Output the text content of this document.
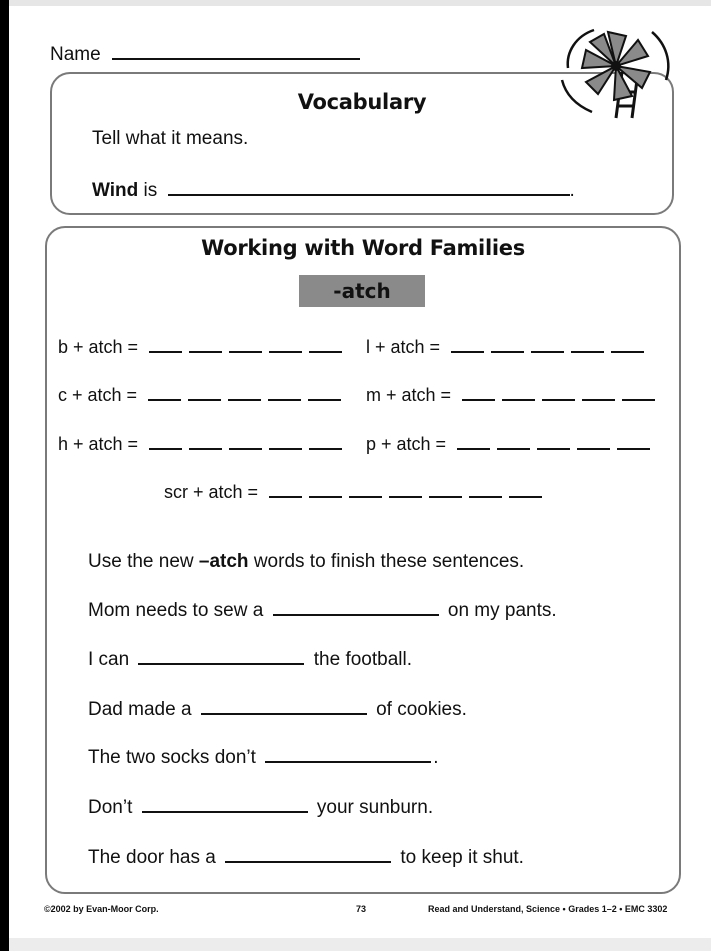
Name
Vocabulary
Tell what it means.
Wind is	.
Working with Word Families
-atch
b + atch =	l + atch =
c + atch =	m + atch =
h + atch =	p + atch =
scr + atch =
Use the new –atch words to finish these sentences.
Mom needs to sew a	on my pants.
I can	the football.
Dad made a	of cookies.
The two socks don’t	.
Don’t	your sunburn.
The door has a	to keep it shut.
©2002 by Evan-Moor Corp.	73	Read and Understand, Science • Grades 1–2 • EMC 3302
